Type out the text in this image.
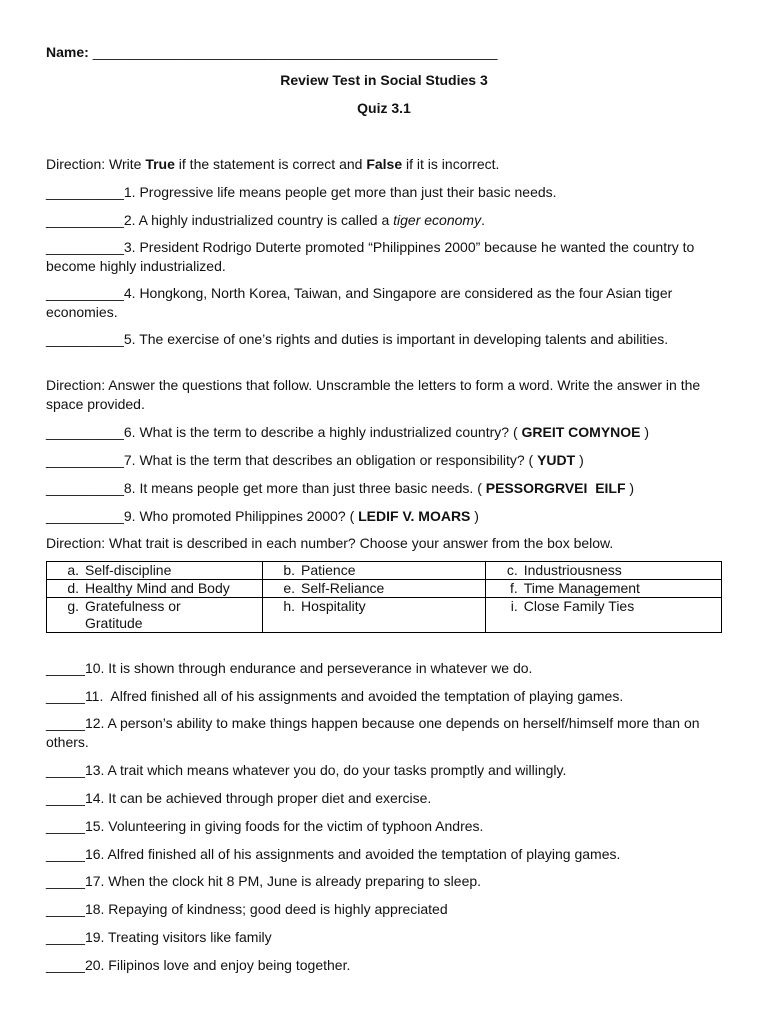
Name: ____________________________________________________
Review Test in Social Studies 3
Quiz 3.1
Direction: Write True if the statement is correct and False if it is incorrect.
__________1. Progressive life means people get more than just their basic needs.
__________2. A highly industrialized country is called a tiger economy.
__________3. President Rodrigo Duterte promoted “Philippines 2000” because he wanted the country to become highly industrialized.
__________4. Hongkong, North Korea, Taiwan, and Singapore are considered as the four Asian tiger economies.
__________5. The exercise of one’s rights and duties is important in developing talents and abilities.
Direction: Answer the questions that follow. Unscramble the letters to form a word. Write the answer in the space provided.
__________6. What is the term to describe a highly industrialized country? ( GREIT COMYNOE )
__________7. What is the term that describes an obligation or responsibility? ( YUDT )
__________8. It means people get more than just three basic needs. ( PESSORGRVEI  EILF )
__________9. Who promoted Philippines 2000? ( LEDIF V. MOARS )
Direction: What trait is described in each number? Choose your answer from the box below.
a. Self-discipline	b. Patience	c. Industriousness

d. Healthy Mind and Body	e. Self-Reliance	f. Time Management

g. Gratefulness or Gratitude	h. Hospitality	i. Close Family Ties
_____10. It is shown through endurance and perseverance in whatever we do.
_____11.  Alfred finished all of his assignments and avoided the temptation of playing games.
_____12. A person’s ability to make things happen because one depends on herself/himself more than on others.
_____13. A trait which means whatever you do, do your tasks promptly and willingly.
_____14. It can be achieved through proper diet and exercise.
_____15. Volunteering in giving foods for the victim of typhoon Andres.
_____16. Alfred finished all of his assignments and avoided the temptation of playing games.
_____17. When the clock hit 8 PM, June is already preparing to sleep.
_____18. Repaying of kindness; good deed is highly appreciated
_____19. Treating visitors like family
_____20. Filipinos love and enjoy being together.
